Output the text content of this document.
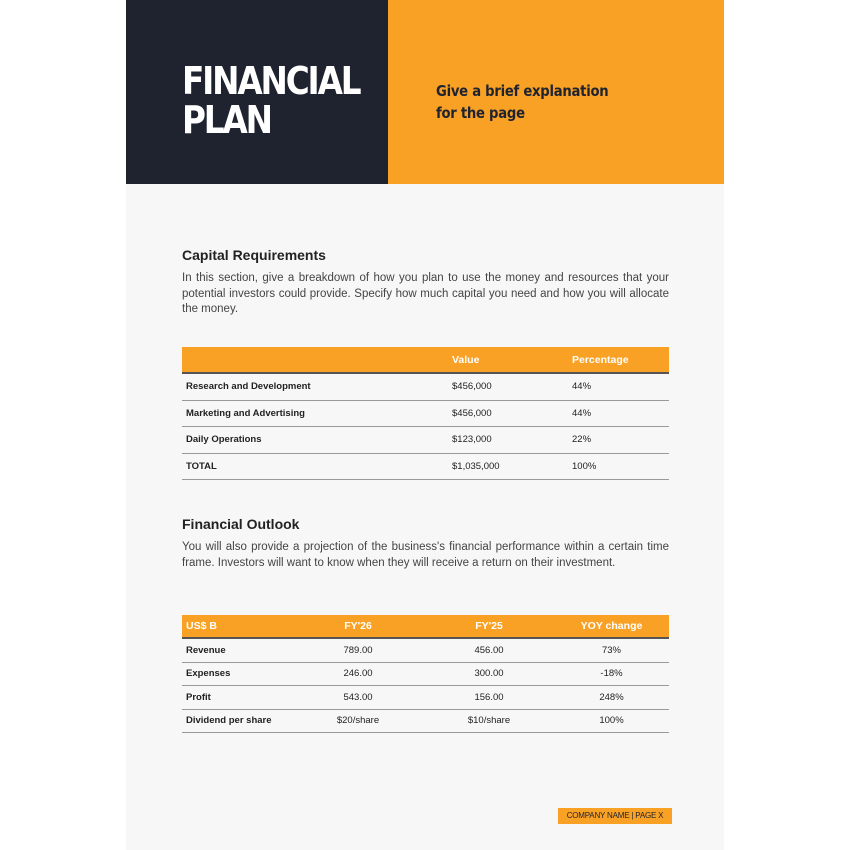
FINANCIAL
PLAN

Give a brief explanation
for the page

Capital Requirements

In this section, give a breakdown of how you plan to use the money and resources that your potential investors could provide. Specify how much capital you need and how you will allocate the money.

	Value	Percentage
Research and Development	$456,000	44%
Marketing and Advertising	$456,000	44%
Daily Operations	$123,000	22%
TOTAL	$1,035,000	100%
Financial Outlook

You will also provide a projection of the business's financial performance within a certain time frame. Investors will want to know when they will receive a return on their investment.

US$ B	FY'26	FY'25	YOY change
Revenue	789.00	456.00	73%
Expenses	246.00	300.00	-18%
Profit	543.00	156.00	248%
Dividend per share	$20/share	$10/share	100%
COMPANY NAME | PAGE X
